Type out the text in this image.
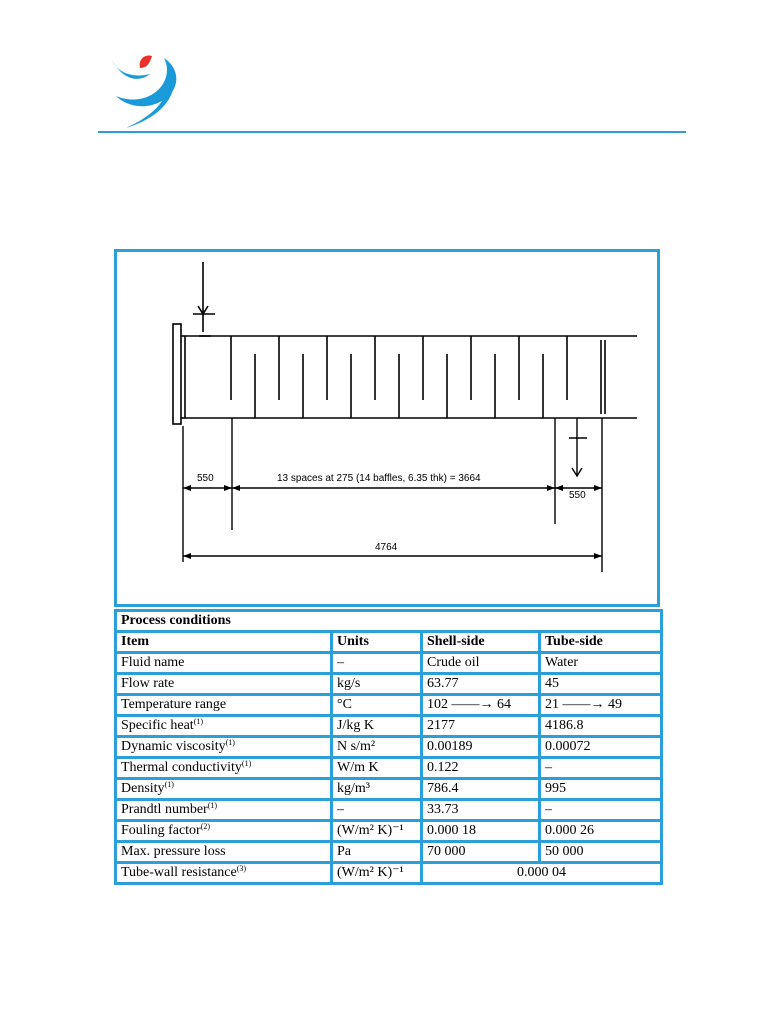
550	13 spaces at 275 (14 baffles, 6.35 thk) = 3664
550
4764
Process conditions			
Item	Units	Shell-side	Tube-side
Fluid name	–	Crude oil	Water
Flow rate	kg/s	63.77	45
Temperature range	°C	102 ——→ 64	21 ——→ 49
Specific heat$^{(1)}$	J/kg K	2177	4186.8
Dynamic viscosity$^{(1)}$	N s/m²	0.00189	0.00072
Thermal conductivity$^{(1)}$	W/m K	0.122	–
Density$^{(1)}$	kg/m³	786.4	995
Prandtl number$^{(1)}$	–	33.73	–
Fouling factor$^{(2)}$	(W/m² K)⁻¹	0.000 18	0.000 26
Max. pressure loss	Pa	70 000	50 000
Tube-wall resistance$^{(3)}$	(W/m² K)⁻¹	0.000 04	
